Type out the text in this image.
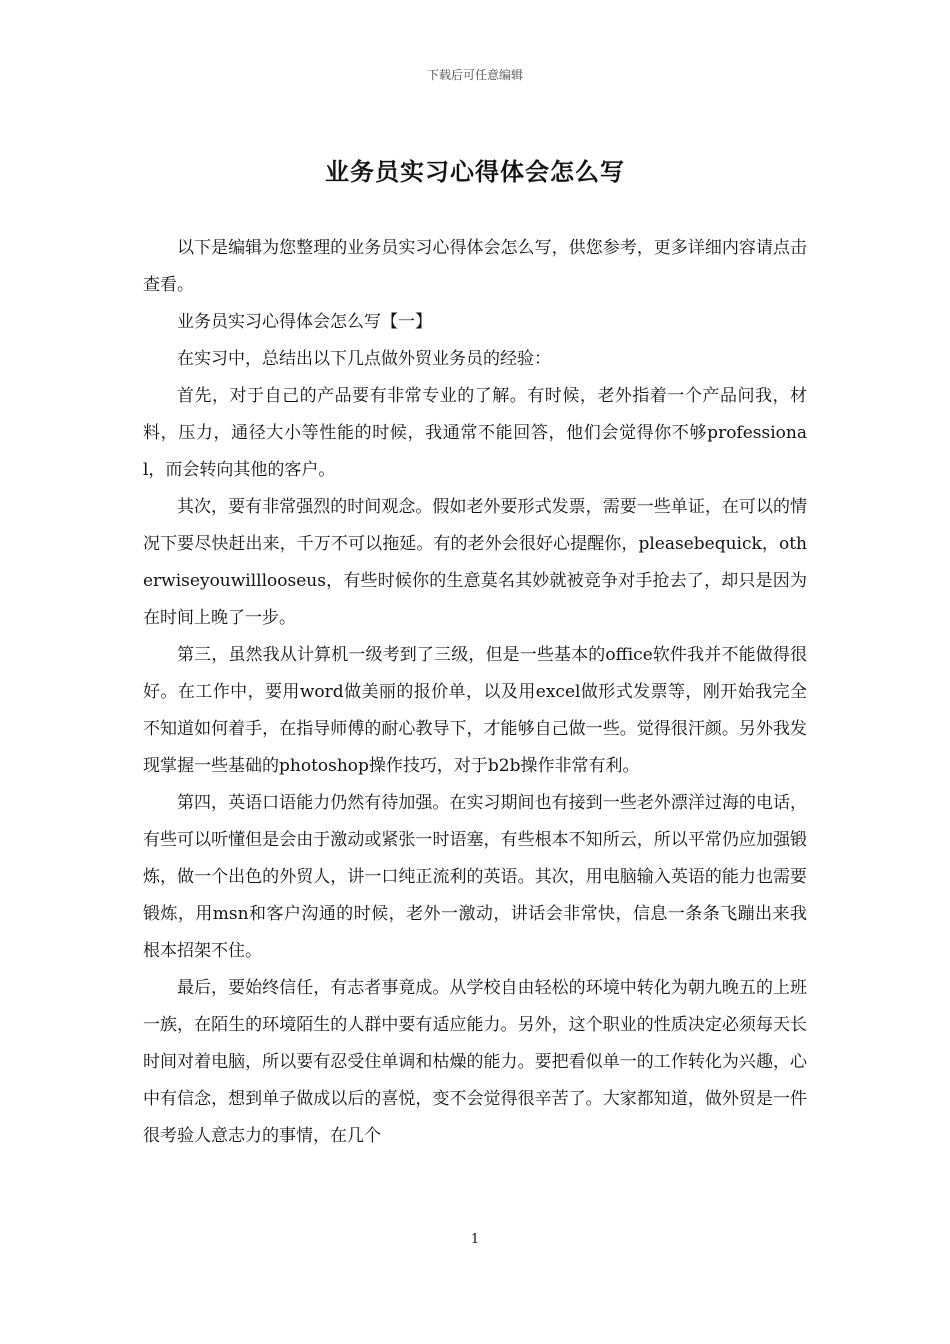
下载后可任意编辑
业务员实习心得体会怎么写

以下是编辑为您整理的业务员实习心得体会怎么写，供您参考，更多详细内容请点击查看。

业务员实习心得体会怎么写【一】

在实习中，总结出以下几点做外贸业务员的经验：

首先，对于自己的产品要有非常专业的了解。有时候，老外指着一个产品问我，材料，压力，通径大小等性能的时候，我通常不能回答，他们会觉得你不够professional，而会转向其他的客户。

其次，要有非常强烈的时间观念。假如老外要形式发票，需要一些单证，在可以的情况下要尽快赶出来，千万不可以拖延。有的老外会很好心提醒你，pleasebequick，otherwiseyouwilllooseus，有些时候你的生意莫名其妙就被竞争对手抢去了，却只是因为在时间上晚了一步。

第三，虽然我从计算机一级考到了三级，但是一些基本的office软件我并不能做得很好。在工作中，要用word做美丽的报价单，以及用excel做形式发票等，刚开始我完全不知道如何着手，在指导师傅的耐心教导下，才能够自己做一些。觉得很汗颜。另外我发现掌握一些基础的photoshop操作技巧，对于b2b操作非常有利。

第四，英语口语能力仍然有待加强。在实习期间也有接到一些老外漂洋过海的电话，有些可以听懂但是会由于激动或紧张一时语塞，有些根本不知所云，所以平常仍应加强锻炼，做一个出色的外贸人，讲一口纯正流利的英语。其次，用电脑输入英语的能力也需要锻炼，用msn和客户沟通的时候，老外一激动，讲话会非常快，信息一条条飞蹦出来我根本招架不住。

最后，要始终信任，有志者事竟成。从学校自由轻松的环境中转化为朝九晚五的上班一族，在陌生的环境陌生的人群中要有适应能力。另外，这个职业的性质决定必须每天长时间对着电脑，所以要有忍受住单调和枯燥的能力。要把看似单一的工作转化为兴趣，心中有信念，想到单子做成以后的喜悦，变不会觉得很辛苦了。大家都知道，做外贸是一件很考验人意志力的事情，在几个

1
